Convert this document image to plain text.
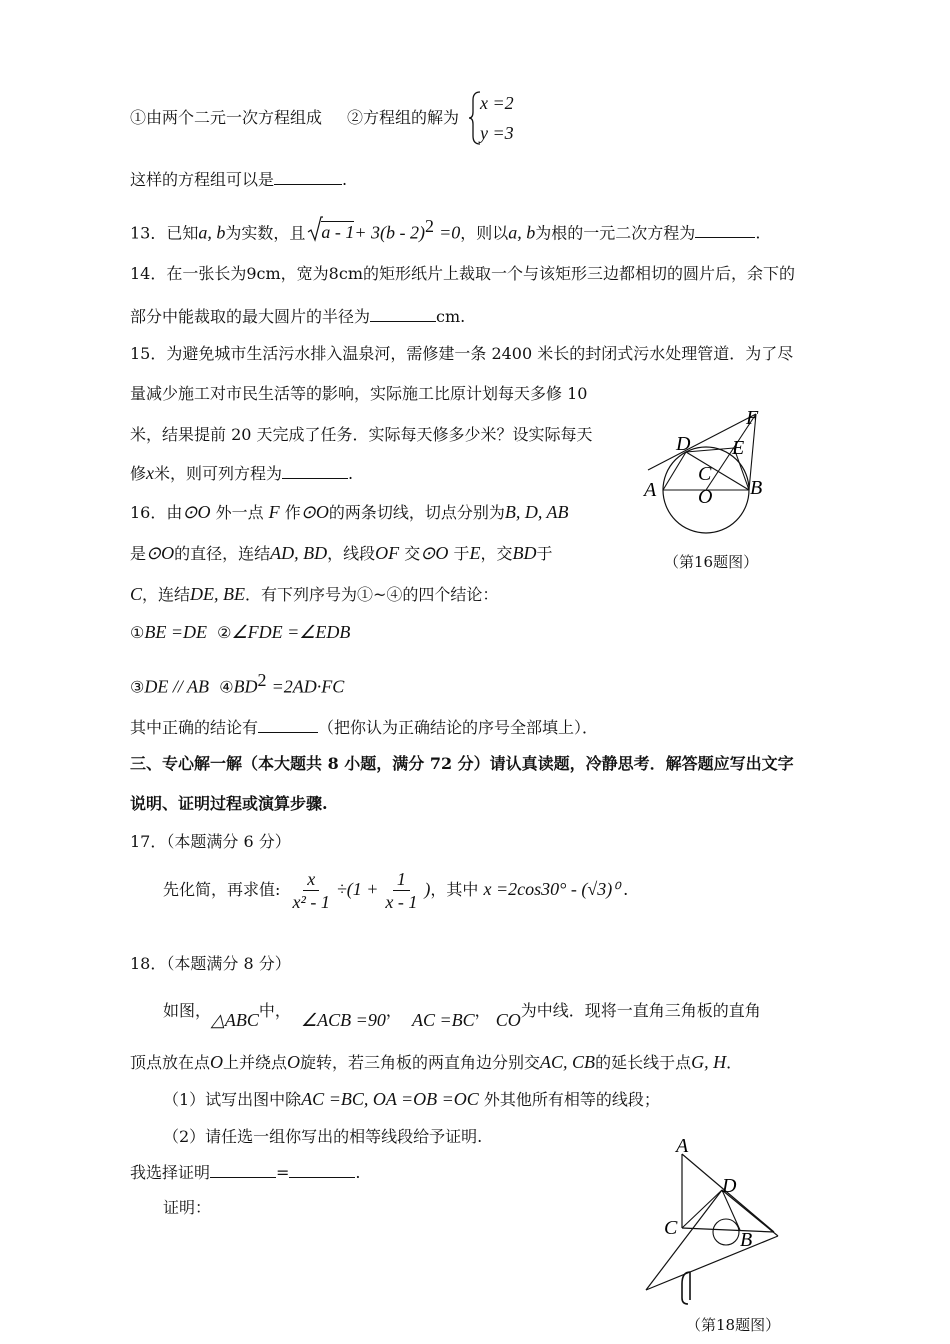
①由两个二元一次方程组成 ②方程组的解为
x =2
y =3
这样的方程组可以是	.
13．已知a, b为实数，且 a - 1+ 3(b - 2)$^2$ =0，则以a, b为根的一元二次方程为	.
14．在一张长为9cm，宽为8cm的矩形纸片上裁取一个与该矩形三边都相切的圆片后，余下的
部分中能裁取的最大圆片的半径为	cm.
15．为避免城市生活污水排入温泉河，需修建一条 2400 米长的封闭式污水处理管道．为了尽
量减少施工对市民生活等的影响，实际施工比原计划每天多修 10
米，结果提前 20 天完成了任务．实际每天修多少米？设实际每天
修x米，则可列方程为	.
16．由⊙O 外一点 F 作⊙O的两条切线，切点分别为B, D, AB
是⊙O的直径，连结AD, BD，线段OF 交⊙O 于E，交BD于
C，连结DE, BE．有下列序号为①~④的四个结论：
①BE =DE ②∠FDE =∠EDB
③DE // AB $④BD^2 =2AD\cdot FC$
其中正确的结论有	（把你认为正确结论的序号全部填上）．
F
D E
C
A	B
O
（第16题图）
三、专心解一解（本大题共 8 小题，满分 72 分）请认真读题，冷静思考．解答题应写出文字
说明、证明过程或演算步骤.
17．（本题满分 6 分）
先化简，再求值: $\frac{x}{\text{x² - 1}} \div(1 + \frac{1}{x - 1}$ )，其中 x =2cos30° - (√3)⁰ .
18．（本题满分 8 分）
如图，△ABC中， ∠ACB =90， AC =BC， CO为中线．现将一直角三角板的直角
顶点放在点O上并绕点O旋转，若三角板的两直角边分别交AC, CB的延长线于点G, H．
（1）试写出图中除AC =BC, OA =OB =OC 外其他所有相等的线段；
（2）请任选一组你写出的相等线段给予证明.
我选择证明	=	.
证明：
A
D
C
B
（第18题图）
